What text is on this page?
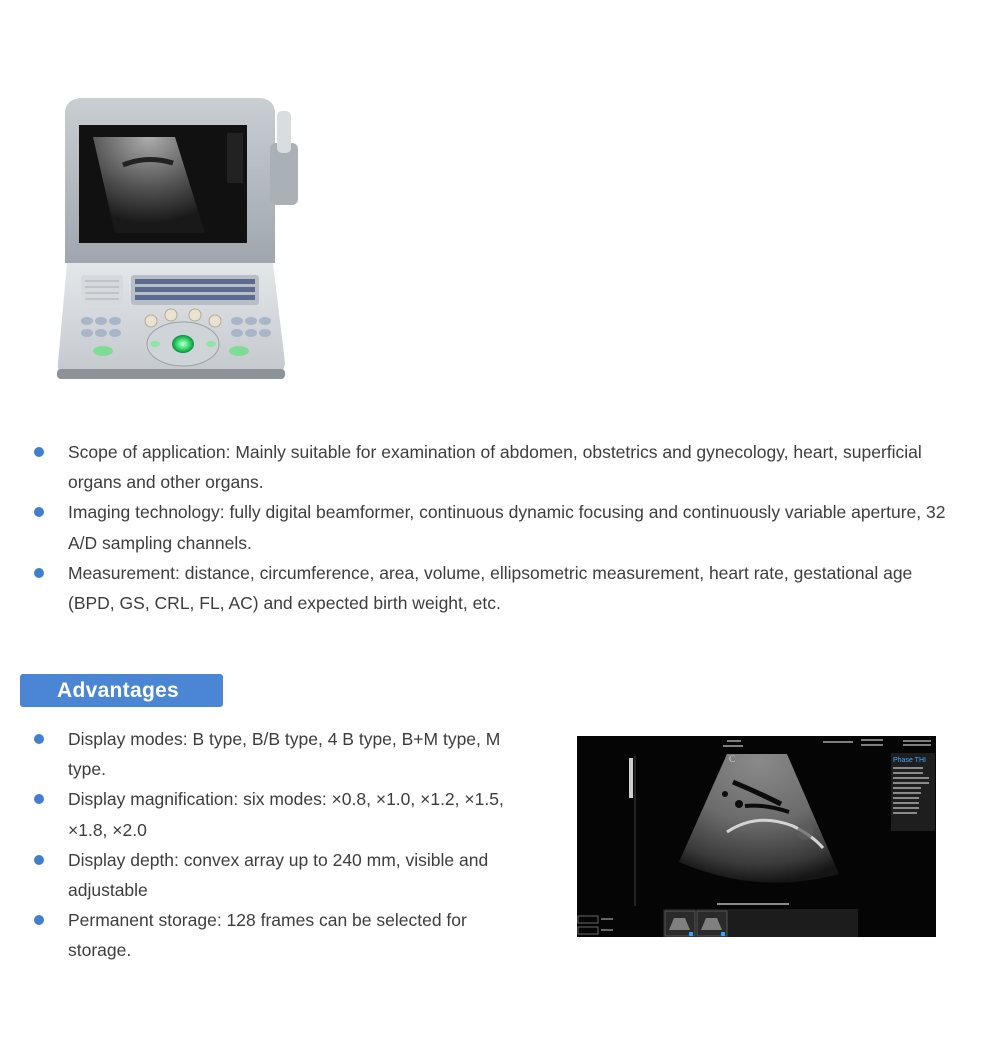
Scope of application: Mainly suitable for examination of abdomen, obstetrics and gynecology, heart, superficial organs and other organs.
Imaging technology: fully digital beamformer, continuous dynamic focusing and continuously variable aperture, 32 A/D sampling channels.
Measurement: distance, circumference, area, volume, ellipsometric measurement, heart rate, gestational age (BPD, GS, CRL, FL, AC) and expected birth weight, etc.
Advantages
Display modes: B type, B/B type, 4 B type, B+M type, M type.
Display magnification: six modes: ×0.8, ×1.0, ×1.2, ×1.5, ×1.8, ×2.0
Display depth: convex array up to 240 mm, visible and adjustable
Permanent storage: 128 frames can be selected for storage.
C	Phase THI
